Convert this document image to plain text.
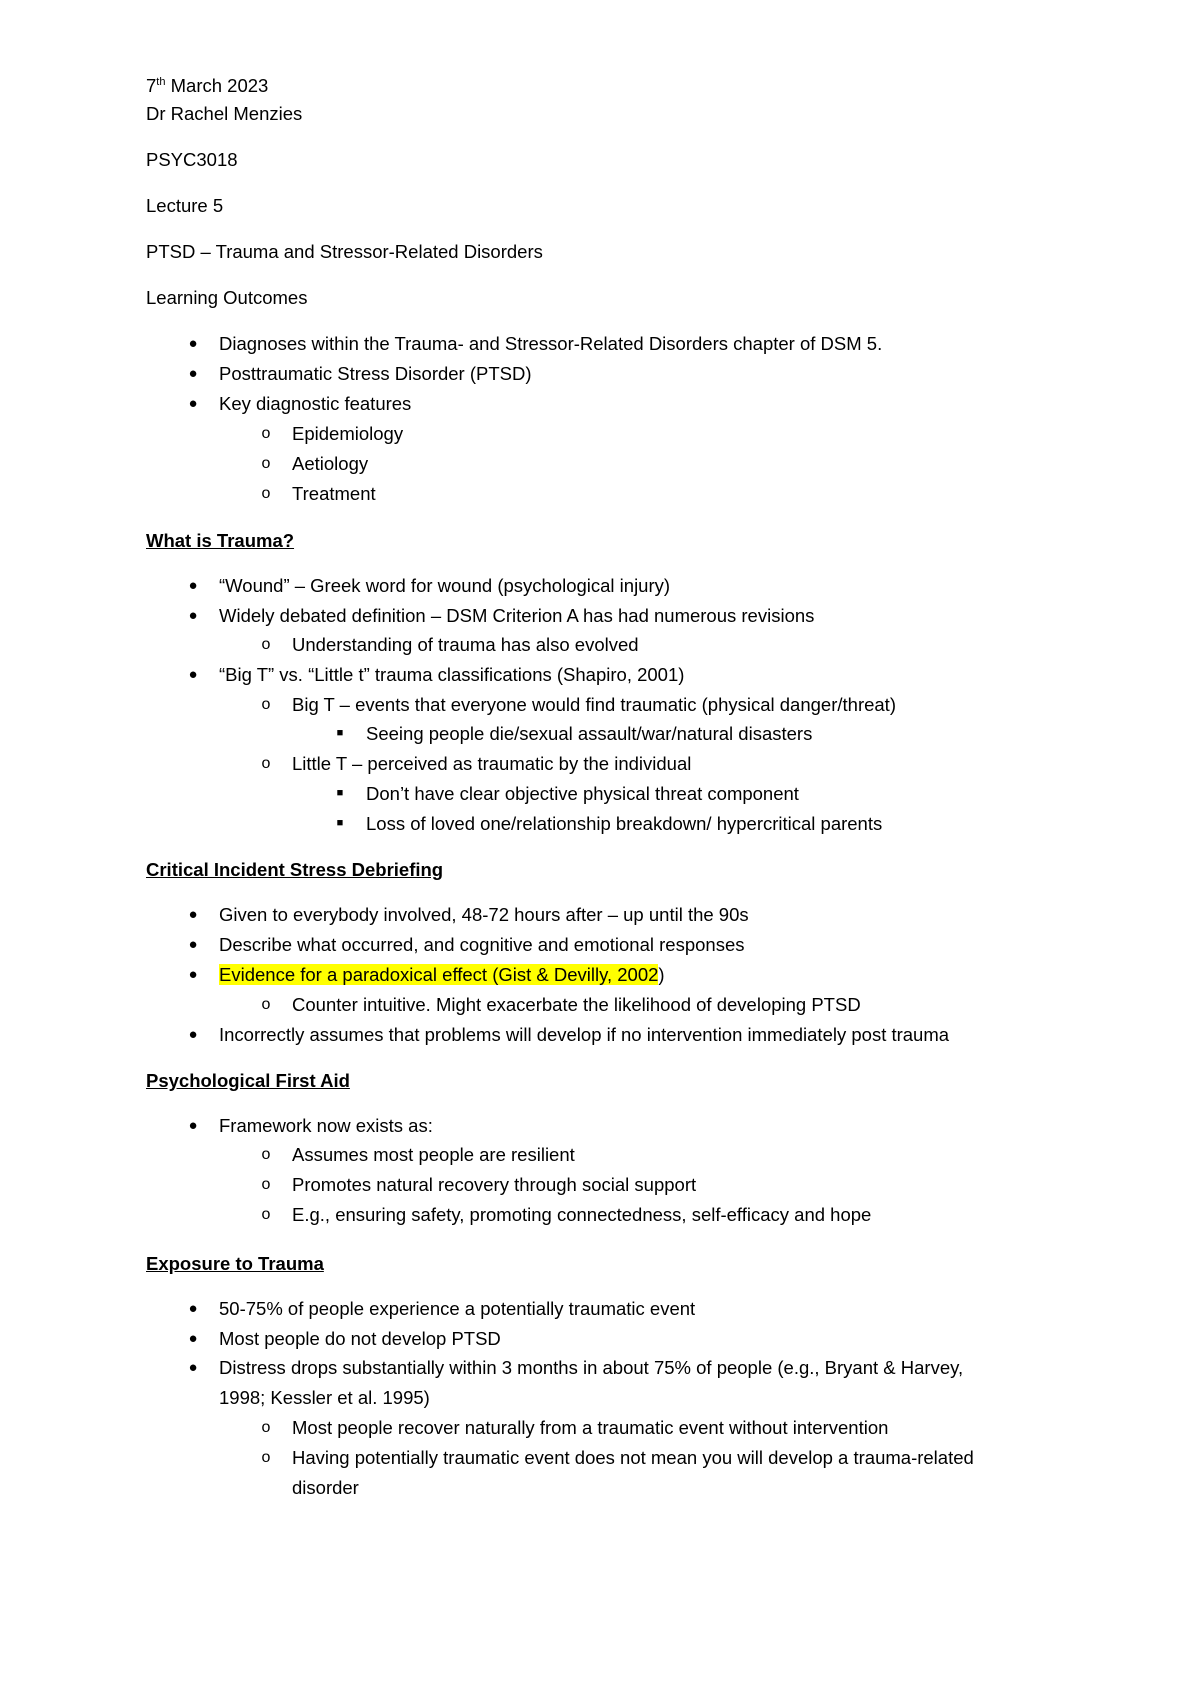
7th March 2023
Dr Rachel Menzies
PSYC3018
Lecture 5
PTSD – Trauma and Stressor-Related Disorders
Learning Outcomes
● Diagnoses within the Trauma- and Stressor-Related Disorders chapter of DSM 5.
● Posttraumatic Stress Disorder (PTSD)
● Key diagnostic features
o Epidemiology
o Aetiology
o Treatment
What is Trauma?
● “Wound” – Greek word for wound (psychological injury)
● Widely debated definition – DSM Criterion A has had numerous revisions
o Understanding of trauma has also evolved
● “Big T” vs. “Little t” trauma classifications (Shapiro, 2001)
o Big T – events that everyone would find traumatic (physical danger/threat)
■	Seeing people die/sexual assault/war/natural disasters
o Little T – perceived as traumatic by the individual
■	Don’t have clear objective physical threat component
■	Loss of loved one/relationship breakdown/ hypercritical parents
Critical Incident Stress Debriefing
● Given to everybody involved, 48-72 hours after – up until the 90s
● Describe what occurred, and cognitive and emotional responses
● Evidence for a paradoxical effect (Gist & Devilly, 2002)
o Counter intuitive. Might exacerbate the likelihood of developing PTSD
● Incorrectly assumes that problems will develop if no intervention immediately post trauma
Psychological First Aid
● Framework now exists as:
o Assumes most people are resilient
o Promotes natural recovery through social support
o E.g., ensuring safety, promoting connectedness, self-efficacy and hope
Exposure to Trauma
● 50-75% of people experience a potentially traumatic event
● Most people do not develop PTSD
● Distress drops substantially within 3 months in about 75% of people (e.g., Bryant & Harvey,
1998; Kessler et al. 1995)
o Most people recover naturally from a traumatic event without intervention
o Having potentially traumatic event does not mean you will develop a trauma-related
disorder
